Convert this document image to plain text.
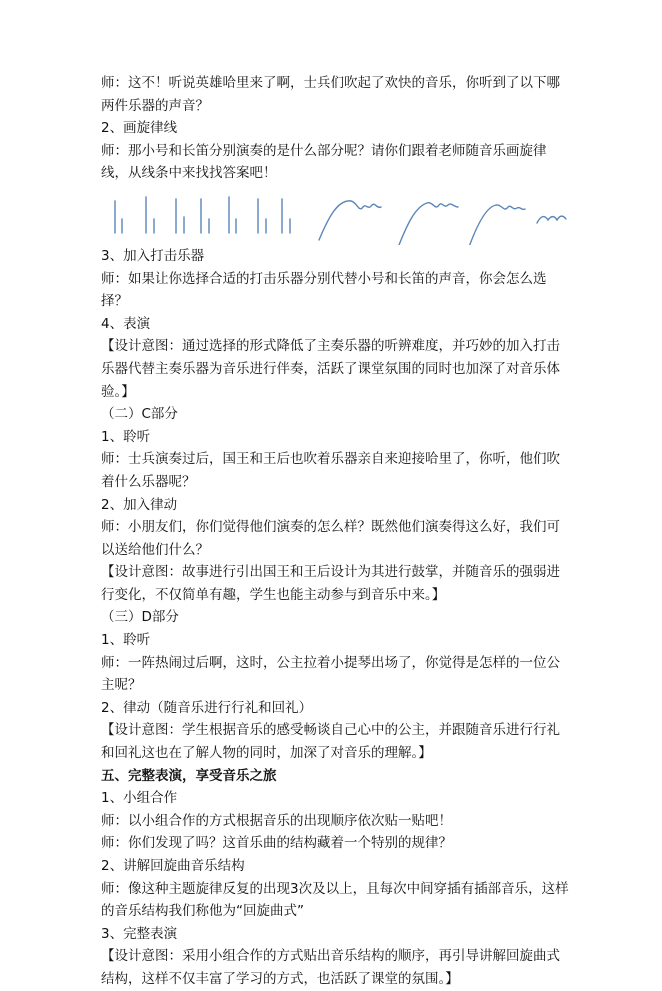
师：这不！听说英雄哈里来了啊，士兵们吹起了欢快的音乐，你听到了以下哪两件乐器的声音？

2、画旋律线

师：那小号和长笛分别演奏的是什么部分呢？请你们跟着老师随音乐画旋律线，从线条中来找找答案吧！

3、加入打击乐器

师：如果让你选择合适的打击乐器分别代替小号和长笛的声音，你会怎么选择？

4、表演

【设计意图：通过选择的形式降低了主奏乐器的听辨难度，并巧妙的加入打击乐器代替主奏乐器为音乐进行伴奏，活跃了课堂氛围的同时也加深了对音乐体验。】

（二）C部分

1、聆听

师：士兵演奏过后，国王和王后也吹着乐器亲自来迎接哈里了，你听，他们吹着什么乐器呢？

2、加入律动

师：小朋友们，你们觉得他们演奏的怎么样？既然他们演奏得这么好，我们可以送给他们什么？

【设计意图：故事进行引出国王和王后设计为其进行鼓掌，并随音乐的强弱进行变化，不仅简单有趣，学生也能主动参与到音乐中来。】

（三）D部分

1、聆听

师：一阵热闹过后啊，这时，公主拉着小提琴出场了，你觉得是怎样的一位公主呢？

2、律动（随音乐进行行礼和回礼）

【设计意图：学生根据音乐的感受畅谈自己心中的公主，并跟随音乐进行行礼和回礼这也在了解人物的同时，加深了对音乐的理解。】

五、完整表演，享受音乐之旅

1、小组合作

师：以小组合作的方式根据音乐的出现顺序依次贴一贴吧！

师：你们发现了吗？这首乐曲的结构藏着一个特别的规律？

2、讲解回旋曲音乐结构

师：像这种主题旋律反复的出现3次及以上，且每次中间穿插有插部音乐，这样的音乐结构我们称他为“回旋曲式”

3、完整表演

【设计意图：采用小组合作的方式贴出音乐结构的顺序，再引导讲解回旋曲式结构，这样不仅丰富了学习的方式，也活跃了课堂的氛围。】
